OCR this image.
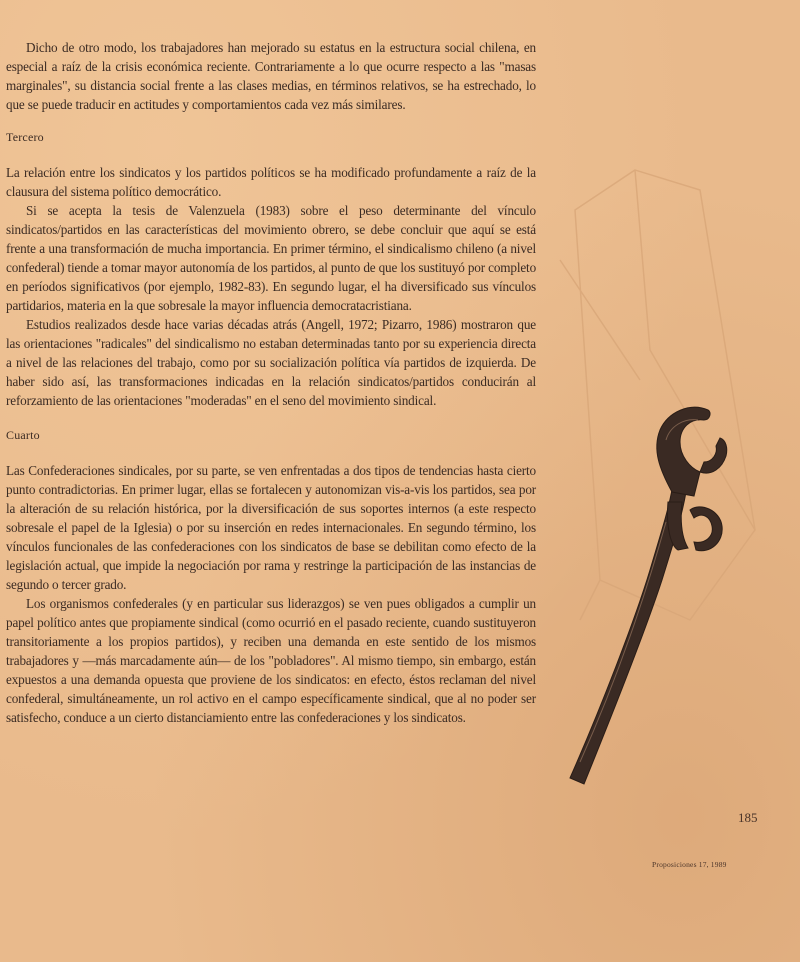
Dicho de otro modo, los trabajadores han mejorado su estatus en la estructura social chilena, en especial a raíz de la crisis económica reciente. Contrariamente a lo que ocurre respecto a las "masas marginales", su distancia social frente a las clases medias, en términos relativos, se ha estrechado, lo que se puede traducir en actitudes y comportamientos cada vez más similares.

Tercero

La relación entre los sindicatos y los partidos políticos se ha modificado profundamente a raíz de la clausura del sistema político democrático.

Si se acepta la tesis de Valenzuela (1983) sobre el peso determinante del vínculo sindicatos/partidos en las características del movimiento obrero, se debe concluir que aquí se está frente a una transformación de mucha importancia. En primer término, el sindicalismo chileno (a nivel confederal) tiende a tomar mayor autonomía de los partidos, al punto de que los sustituyó por completo en períodos significativos (por ejemplo, 1982-83). En segundo lugar, el ha diversificado sus vínculos partidarios, materia en la que sobresale la mayor influencia democratacristiana.

Estudios realizados desde hace varias décadas atrás (Angell, 1972; Pizarro, 1986) mostraron que las orientaciones "radicales" del sindicalismo no estaban determinadas tanto por su experiencia directa a nivel de las relaciones del trabajo, como por su socialización política vía partidos de izquierda. De haber sido así, las transformaciones indicadas en la relación sindicatos/partidos conducirán al reforzamiento de las orientaciones "moderadas" en el seno del movimiento sindical.

Cuarto

Las Confederaciones sindicales, por su parte, se ven enfrentadas a dos tipos de tendencias hasta cierto punto contradictorias. En primer lugar, ellas se fortalecen y autonomizan vis-a-vis los partidos, sea por la alteración de su relación histórica, por la diversificación de sus soportes internos (a este respecto sobresale el papel de la Iglesia) o por su inserción en redes internacionales. En segundo término, los vínculos funcionales de las confederaciones con los sindicatos de base se debilitan como efecto de la legislación actual, que impide la negociación por rama y restringe la participación de las instancias de segundo o tercer grado.

Los organismos confederales (y en particular sus liderazgos) se ven pues obligados a cumplir un papel político antes que propiamente sindical (como ocurrió en el pasado reciente, cuando sustituyeron transitoriamente a los propios partidos), y reciben una demanda en este sentido de los mismos trabajadores y —más marcadamente aún— de los "pobladores". Al mismo tiempo, sin embargo, están expuestos a una demanda opuesta que proviene de los sindicatos: en efecto, éstos reclaman del nivel confederal, simultáneamente, un rol activo en el campo específicamente sindical, que al no poder ser satisfecho, conduce a un cierto distanciamiento entre las confederaciones y los sindicatos.

185
Proposiciones 17, 1989
